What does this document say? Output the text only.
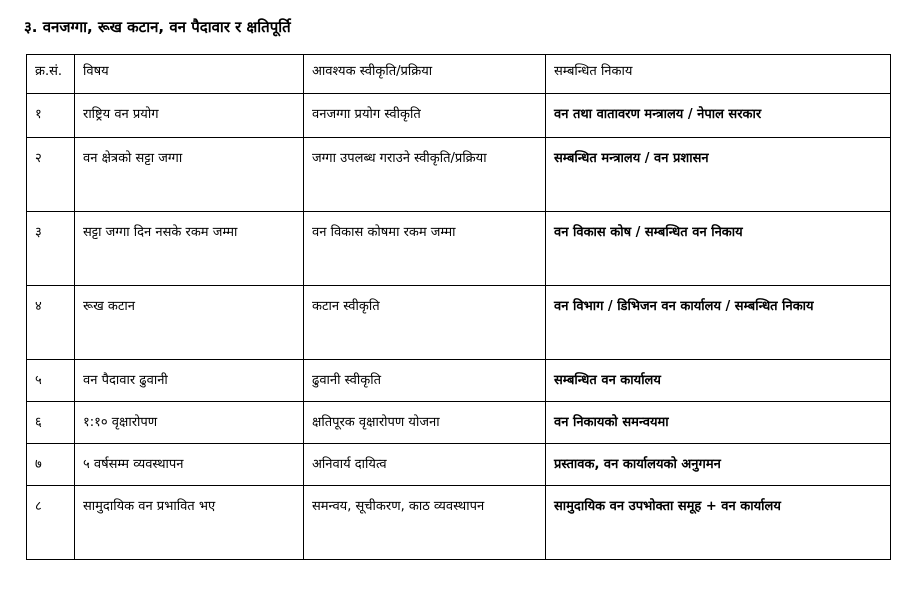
३. वनजग्गा, रूख कटान, वन पैदावार र क्षतिपूर्ति
क्र.सं.	विषय	आवश्यक स्वीकृति/प्रक्रिया	सम्बन्धित निकाय
१	राष्ट्रिय वन प्रयोग	वनजग्गा प्रयोग स्वीकृति	वन तथा वातावरण मन्त्रालय / नेपाल सरकार
२	वन क्षेत्रको सट्टा जग्गा	जग्गा उपलब्ध गराउने स्वीकृति/प्रक्रिया	सम्बन्धित मन्त्रालय / वन प्रशासन
३	सट्टा जग्गा दिन नसके रकम जम्मा	वन विकास कोषमा रकम जम्मा	वन विकास कोष / सम्बन्धित वन निकाय
४	रूख कटान	कटान स्वीकृति	वन विभाग / डिभिजन वन कार्यालय / सम्बन्धित निकाय
५	वन पैदावार ढुवानी	ढुवानी स्वीकृति	सम्बन्धित वन कार्यालय
६	१:१० वृक्षारोपण	क्षतिपूरक वृक्षारोपण योजना	वन निकायको समन्वयमा
७	५ वर्षसम्म व्यवस्थापन	अनिवार्य दायित्व	प्रस्तावक, वन कार्यालयको अनुगमन
८	सामुदायिक वन प्रभावित भए	समन्वय, सूचीकरण, काठ व्यवस्थापन	सामुदायिक वन उपभोक्ता समूह + वन कार्यालय
